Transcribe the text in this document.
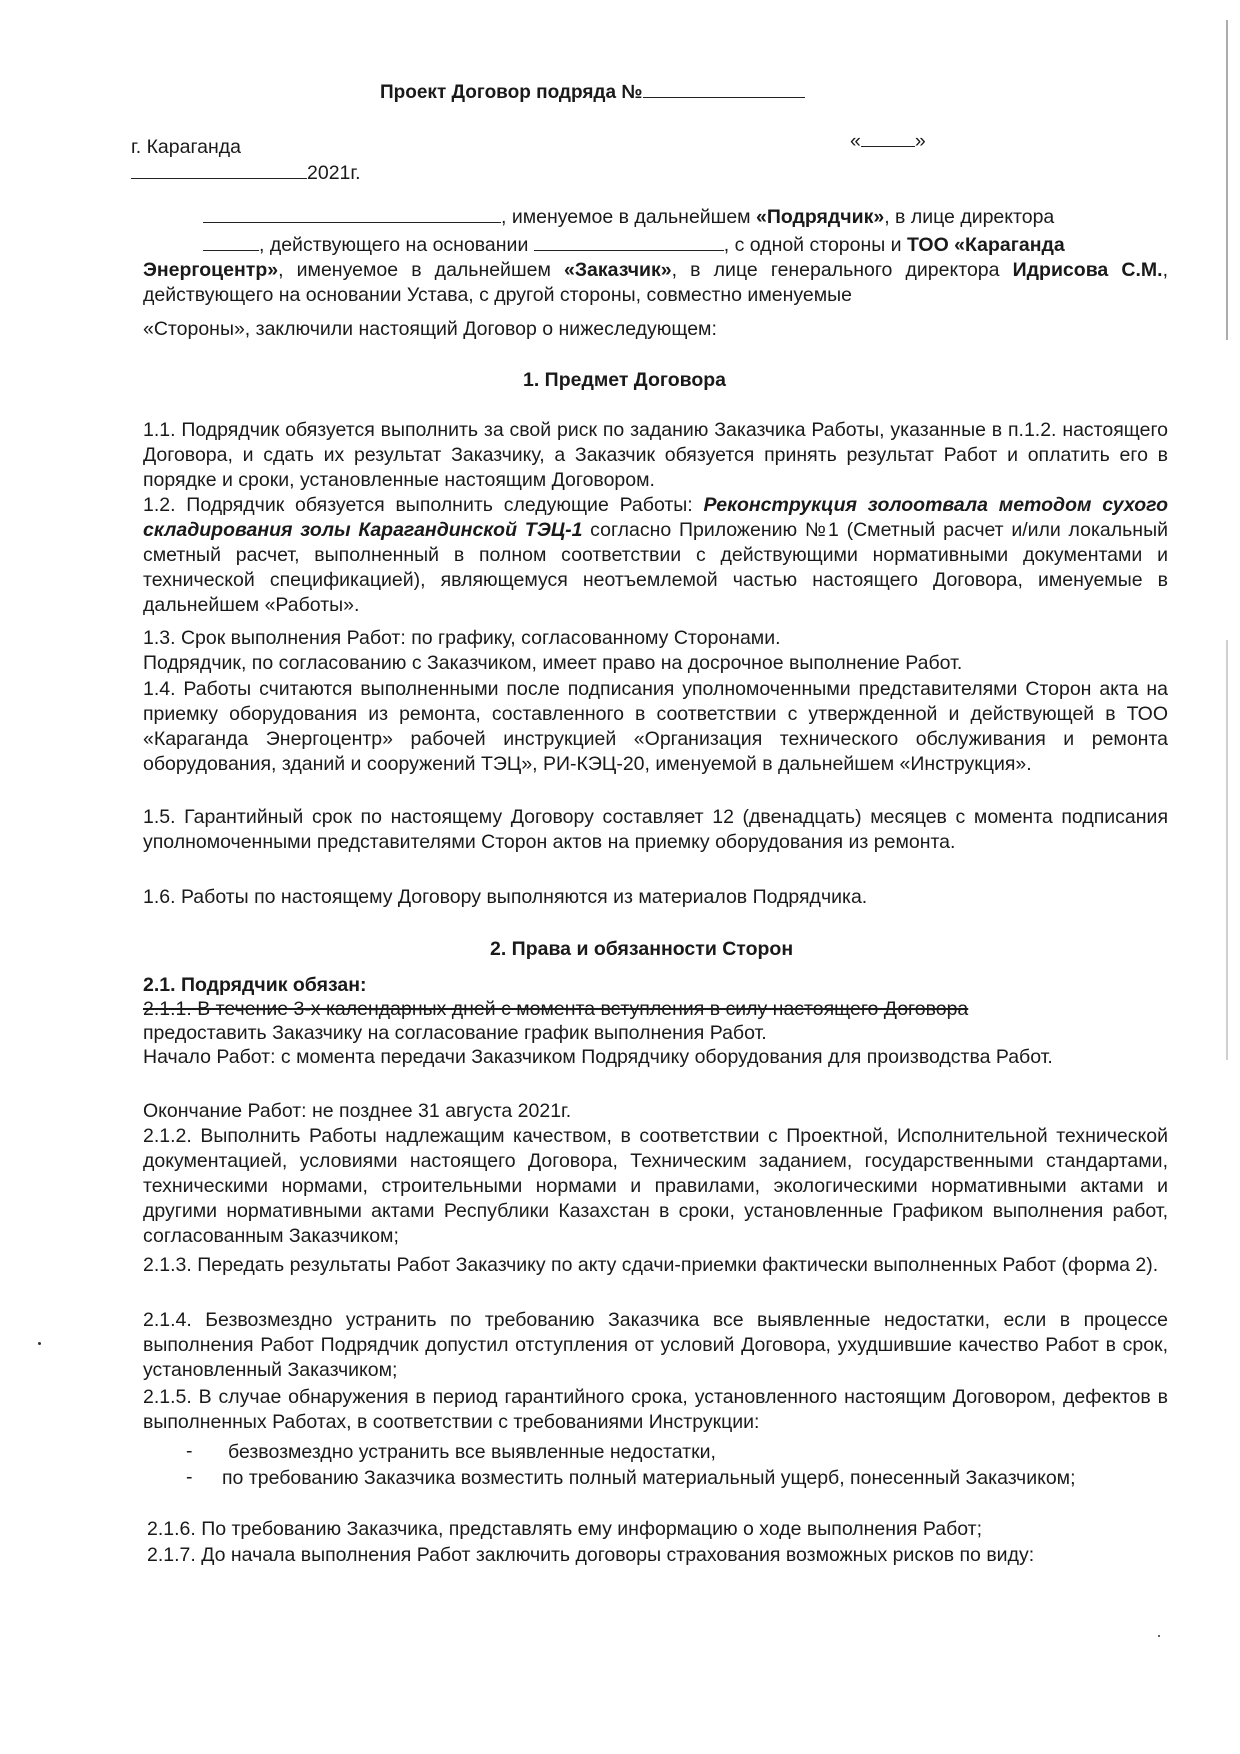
Проект Договор подряда №
г. Караганда	«	»
2021г.
, именуемое в дальнейшем «Подрядчик», в лице директора
, действующего на основании	, с одной стороны и ТОО «Караганда
Энергоцентр», именуемое в дальнейшем «Заказчик», в лице генерального директора Идрисова С.М., действующего на основании Устава, с другой стороны, совместно именуемые
«Стороны», заключили настоящий Договор о нижеследующем:
1. Предмет Договора
1.1. Подрядчик обязуется выполнить за свой риск по заданию Заказчика Работы, указанные в п.1.2. настоящего Договора, и сдать их результат Заказчику, а Заказчик обязуется принять результат Работ и оплатить его в порядке и сроки, установленные настоящим Договором.
1.2. Подрядчик обязуется выполнить следующие Работы: Реконструкция золоотвала методом сухого складирования золы Карагандинской ТЭЦ-1 согласно Приложению №1 (Сметный расчет и/или локальный сметный расчет, выполненный в полном соответствии с действующими нормативными документами и технической спецификацией), являющемуся неотъемлемой частью настоящего Договора, именуемые в дальнейшем «Работы».
1.3. Срок выполнения Работ: по графику, согласованному Сторонами.
Подрядчик, по согласованию с Заказчиком, имеет право на досрочное выполнение Работ.
1.4. Работы считаются выполненными после подписания уполномоченными представителями Сторон акта на приемку оборудования из ремонта, составленного в соответствии с утвержденной и действующей в ТОО «Караганда Энергоцентр» рабочей инструкцией «Организация технического обслуживания и ремонта оборудования, зданий и сооружений ТЭЦ», РИ-КЭЦ-20, именуемой в дальнейшем «Инструкция».
1.5. Гарантийный срок по настоящему Договору составляет 12 (двенадцать) месяцев с момента подписания уполномоченными представителями Сторон актов на приемку оборудования из ремонта.
1.6. Работы по настоящему Договору выполняются из материалов Подрядчика.
2. Права и обязанности Сторон
2.1. Подрядчик обязан:
2.1.1. В течение 3-х календарных дней с момента вступления в силу настоящего Договора
предоставить Заказчику на согласование график выполнения Работ.
Начало Работ: с момента передачи Заказчиком Подрядчику оборудования для производства Работ.
Окончание Работ: не позднее 31 августа 2021г.
2.1.2. Выполнить Работы надлежащим качеством, в соответствии с Проектной, Исполнительной технической документацией, условиями настоящего Договора, Техническим заданием, государственными стандартами, техническими нормами, строительными нормами и правилами, экологическими нормативными актами и другими нормативными актами Республики Казахстан в сроки, установленные Графиком выполнения работ, согласованным Заказчиком;
2.1.3. Передать результаты Работ Заказчику по акту сдачи-приемки фактически выполненных Работ (форма 2).
2.1.4. Безвозмездно устранить по требованию Заказчика все выявленные недостатки, если в процессе выполнения Работ Подрядчик допустил отступления от условий Договора, ухудшившие качество Работ в срок, установленный Заказчиком;
2.1.5. В случае обнаружения в период гарантийного срока, установленного настоящим Договором, дефектов в выполненных Работах, в соответствии с требованиями Инструкции:
- безвозмездно устранить все выявленные недостатки,
- по требованию Заказчика возместить полный материальный ущерб, понесенный Заказчиком;
2.1.6. По требованию Заказчика, представлять ему информацию о ходе выполнения Работ;
2.1.7. До начала выполнения Работ заключить договоры страхования возможных рисков по виду:
